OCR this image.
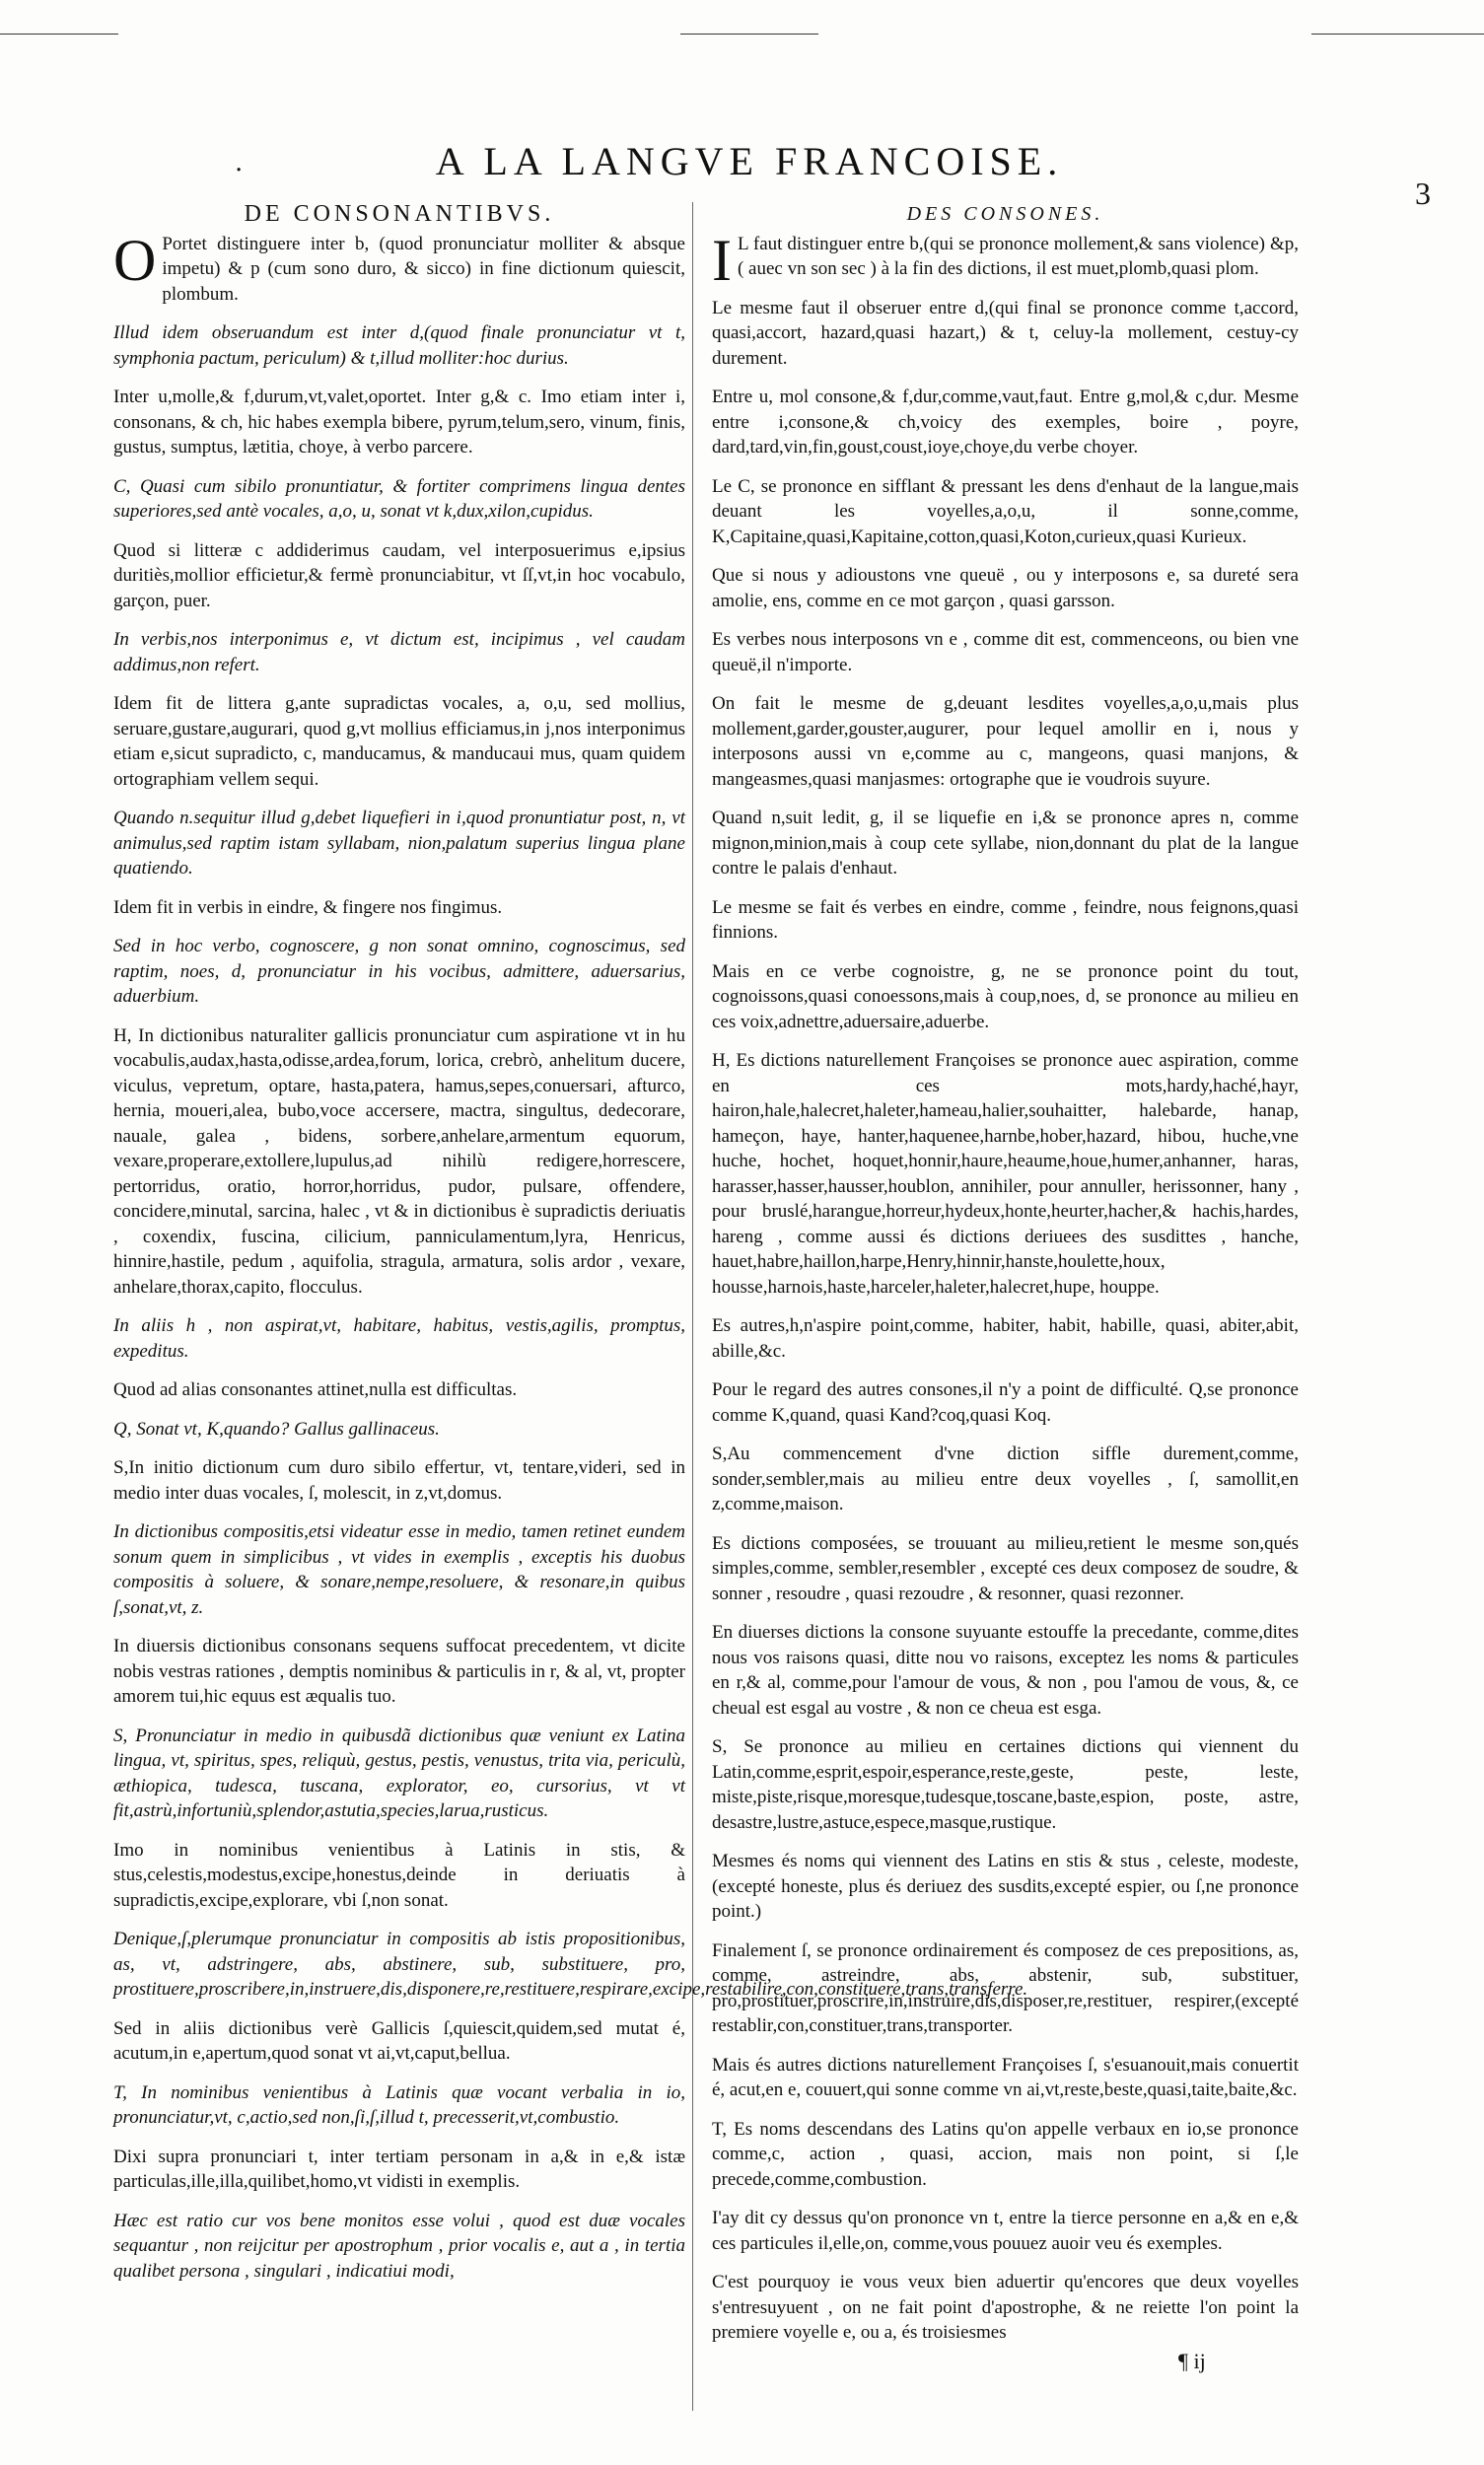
.	A LA LANGVE FRANCOISE.
3
DE CONSONANTIBVS.

O Portet distinguere inter b, (quod pronunciatur molliter & absque impetu) & p (cum sono duro, & sicco) in fine dictionum quiescit, plombum.

Illud idem obseruandum est inter d,(quod finale pronunciatur vt t, symphonia pactum, periculum) & t,illud molliter:hoc durius.

Inter u,molle,& f,durum,vt,valet,oportet. Inter g,& c. Imo etiam inter i, consonans, & ch, hic habes exempla bibere, pyrum,telum,sero, vinum, finis, gustus, sumptus, lætitia, choye, à verbo parcere.

C, Quasi cum sibilo pronuntiatur, & fortiter comprimens lingua dentes superiores,sed antè vocales, a,o, u, sonat vt k,dux,xilon,cupidus.

Quod si litteræ c addiderimus caudam, vel interposuerimus e,ipsius duritiès,mollior efficietur,& fermè pronunciabitur, vt ſſ,vt,in hoc vocabulo, garçon, puer.

In verbis,nos interponimus e, vt dictum est, incipimus , vel caudam addimus,non refert.

Idem fit de littera g,ante supradictas vocales, a, o,u, sed mollius, seruare,gustare,augurari, quod g,vt mollius efficiamus,in j,nos interponimus etiam e,sicut supradicto, c, manducamus, & manducaui mus, quam quidem ortographiam vellem sequi.

Quando n.sequitur illud g,debet liquefieri in i,quod pronuntiatur post, n, vt animulus,sed raptim istam syllabam, nion,palatum superius lingua plane quatiendo.

Idem fit in verbis in eindre, & fingere nos fingimus.

Sed in hoc verbo, cognoscere, g non sonat omnino, cognoscimus, sed raptim, noes, d, pronunciatur in his vocibus, admittere, aduersarius, aduerbium.

H, In dictionibus naturaliter gallicis pronunciatur cum aspiratione vt in hu vocabulis,audax,hasta,odisse,ardea,forum, lorica, crebrò, anhelitum ducere, viculus, vepretum, optare, hasta,patera, hamus,sepes,conuersari, afturco, hernia, moueri,alea, bubo,voce accersere, mactra, singultus, dedecorare, nauale, galea , bidens, sorbere,anhelare,armentum equorum, vexare,properare,extollere,lupulus,ad nihilù redigere,horrescere, pertorridus, oratio, horror,horridus, pudor, pulsare, offendere, concidere,minutal, sarcina, halec , vt & in dictionibus è supradictis deriuatis , coxendix, fuscina, cilicium, panniculamentum,lyra, Henricus, hinnire,hastile, pedum , aquifolia, stragula, armatura, solis ardor , vexare, anhelare,thorax,capito, flocculus.

In aliis h , non aspirat,vt, habitare, habitus, vestis,agilis, promptus, expeditus.

Quod ad alias consonantes attinet,nulla est difficultas.

Q, Sonat vt, K,quando? Gallus gallinaceus.

S,In initio dictionum cum duro sibilo effertur, vt, tentare,videri, sed in medio inter duas vocales, ſ, molescit, in z,vt,domus.

In dictionibus compositis,etsi videatur esse in medio, tamen retinet eundem sonum quem in simplicibus , vt vides in exemplis , exceptis his duobus compositis à soluere, & sonare,nempe,resoluere, & resonare,in quibus ſ,sonat,vt, z.

In diuersis dictionibus consonans sequens suffocat precedentem, vt dicite nobis vestras rationes , demptis nominibus & particulis in r, & al, vt, propter amorem tui,hic equus est æqualis tuo.

S, Pronunciatur in medio in quibusdã dictionibus quæ veniunt ex Latina lingua, vt, spiritus, spes, reliquù, gestus, pestis, venustus, trita via, periculù, æthiopica, tudesca, tuscana, explorator, eo, cursorius, vt vt fit,astrù,infortuniù,splendor,astutia,species,larua,rusticus.

Imo in nominibus venientibus à Latinis in stis, & stus,celestis,modestus,excipe,honestus,deinde in deriuatis à supradictis,excipe,explorare, vbi ſ,non sonat.

Denique,ſ,plerumque pronunciatur in compositis ab istis propositionibus, as, vt, adstringere, abs, abstinere, sub, substituere, pro, prostituere,proscribere,in,instruere,dis,disponere,re,restituere,respirare,excipe,restabilire,con,constituere,trans,transferre.

Sed in aliis dictionibus verè Gallicis ſ,quiescit,quidem,sed mutat é, acutum,in e,apertum,quod sonat vt ai,vt,caput,bellua.

T, In nominibus venientibus à Latinis quæ vocant verbalia in io, pronunciatur,vt, c,actio,sed non,ſi,ſ,illud t, precesserit,vt,combustio.

Dixi supra pronunciari t, inter tertiam personam in a,& in e,& istæ particulas,ille,illa,quilibet,homo,vt vidisti in exemplis.

Hæc est ratio cur vos bene monitos esse volui , quod est duæ vocales sequantur , non reijcitur per apostrophum , prior vocalis e, aut a , in tertia qualibet persona , singulari , indicatiui modi,

DES CONSONES.

I L faut distinguer entre b,(qui se prononce mollement,& sans violence) &p, ( auec vn son sec ) à la fin des dictions, il est muet,plomb,quasi plom.

Le mesme faut il obseruer entre d,(qui final se prononce comme t,accord, quasi,accort, hazard,quasi hazart,) & t, celuy-la mollement, cestuy-cy durement.

Entre u, mol consone,& f,dur,comme,vaut,faut. Entre g,mol,& c,dur. Mesme entre i,consone,& ch,voicy des exemples, boire , poyre, dard,tard,vin,fin,goust,coust,ioye,choye,du verbe choyer.

Le C, se prononce en sifflant & pressant les dens d'enhaut de la langue,mais deuant les voyelles,a,o,u, il sonne,comme, K,Capitaine,quasi,Kapitaine,cotton,quasi,Koton,curieux,quasi Kurieux.

Que si nous y adioustons vne queuë , ou y interposons e, sa dureté sera amolie, ens, comme en ce mot garçon , quasi garsson.

Es verbes nous interposons vn e , comme dit est, commenceons, ou bien vne queuë,il n'importe.

On fait le mesme de g,deuant lesdites voyelles,a,o,u,mais plus mollement,garder,gouster,augurer, pour lequel amollir en i, nous y interposons aussi vn e,comme au c, mangeons, quasi manjons, & mangeasmes,quasi manjasmes: ortographe que ie voudrois suyure.

Quand n,suit ledit, g, il se liquefie en i,& se prononce apres n, comme mignon,minion,mais à coup cete syllabe, nion,donnant du plat de la langue contre le palais d'enhaut.

Le mesme se fait és verbes en eindre, comme , feindre, nous feignons,quasi finnions.

Mais en ce verbe cognoistre, g, ne se prononce point du tout, cognoissons,quasi conoessons,mais à coup,noes, d, se prononce au milieu en ces voix,adnettre,aduersaire,aduerbe.

H, Es dictions naturellement Françoises se prononce auec aspiration, comme en ces mots,hardy,haché,hayr, hairon,hale,halecret,haleter,hameau,halier,souhaitter, halebarde, hanap, hameçon, haye, hanter,haquenee,harnbe,hober,hazard, hibou, huche,vne huche, hochet, hoquet,honnir,haure,heaume,houe,humer,anhanner, haras, harasser,hasser,hausser,houblon, annihiler, pour annuller, herissonner, hany , pour bruslé,harangue,horreur,hydeux,honte,heurter,hacher,& hachis,hardes, hareng , comme aussi és dictions deriuees des susdittes , hanche, hauet,habre,haillon,harpe,Henry,hinnir,hanste,houlette,houx, housse,harnois,haste,harceler,haleter,halecret,hupe, houppe.

Es autres,h,n'aspire point,comme, habiter, habit, habille, quasi, abiter,abit, abille,&c.

Pour le regard des autres consones,il n'y a point de difficulté. Q,se prononce comme K,quand, quasi Kand?coq,quasi Koq.

S,Au commencement d'vne diction siffle durement,comme, sonder,sembler,mais au milieu entre deux voyelles , ſ, samollit,en z,comme,maison.

Es dictions composées, se trouuant au milieu,retient le mesme son,qués simples,comme, sembler,resembler , excepté ces deux composez de soudre, & sonner , resoudre , quasi rezoudre , & resonner, quasi rezonner.

En diuerses dictions la consone suyuante estouffe la precedante, comme,dites nous vos raisons quasi, ditte nou vo raisons, exceptez les noms & particules en r,& al, comme,pour l'amour de vous, & non , pou l'amou de vous, &, ce cheual est esgal au vostre , & non ce cheua est esga.

S, Se prononce au milieu en certaines dictions qui viennent du Latin,comme,esprit,espoir,esperance,reste,geste, peste, leste, miste,piste,risque,moresque,tudesque,toscane,baste,espion, poste, astre, desastre,lustre,astuce,espece,masque,rustique.

Mesmes és noms qui viennent des Latins en stis & stus , celeste, modeste,(excepté honeste, plus és deriuez des susdits,excepté espier, ou ſ,ne prononce point.)

Finalement ſ, se prononce ordinairement és composez de ces prepositions, as, comme, astreindre, abs, abstenir, sub, substituer, pro,prostituer,proscrire,in,instruire,dis,disposer,re,restituer, respirer,(excepté restablir,con,constituer,trans,transporter.

Mais és autres dictions naturellement Françoises ſ, s'esuanouit,mais conuertit é, acut,en e, couuert,qui sonne comme vn ai,vt,reste,beste,quasi,taite,baite,&c.

T, Es noms descendans des Latins qu'on appelle verbaux en io,se prononce comme,c, action , quasi, accion, mais non point, si ſ,le precede,comme,combustion.

I'ay dit cy dessus qu'on prononce vn t, entre la tierce personne en a,& en e,& ces particules il,elle,on, comme,vous pouuez auoir veu és exemples.

C'est pourquoy ie vous veux bien aduertir qu'encores que deux voyelles s'entresuyuent , on ne fait point d'apostrophe, & ne reiette l'on point la premiere voyelle e, ou a, és troisiesmes

¶ ij
